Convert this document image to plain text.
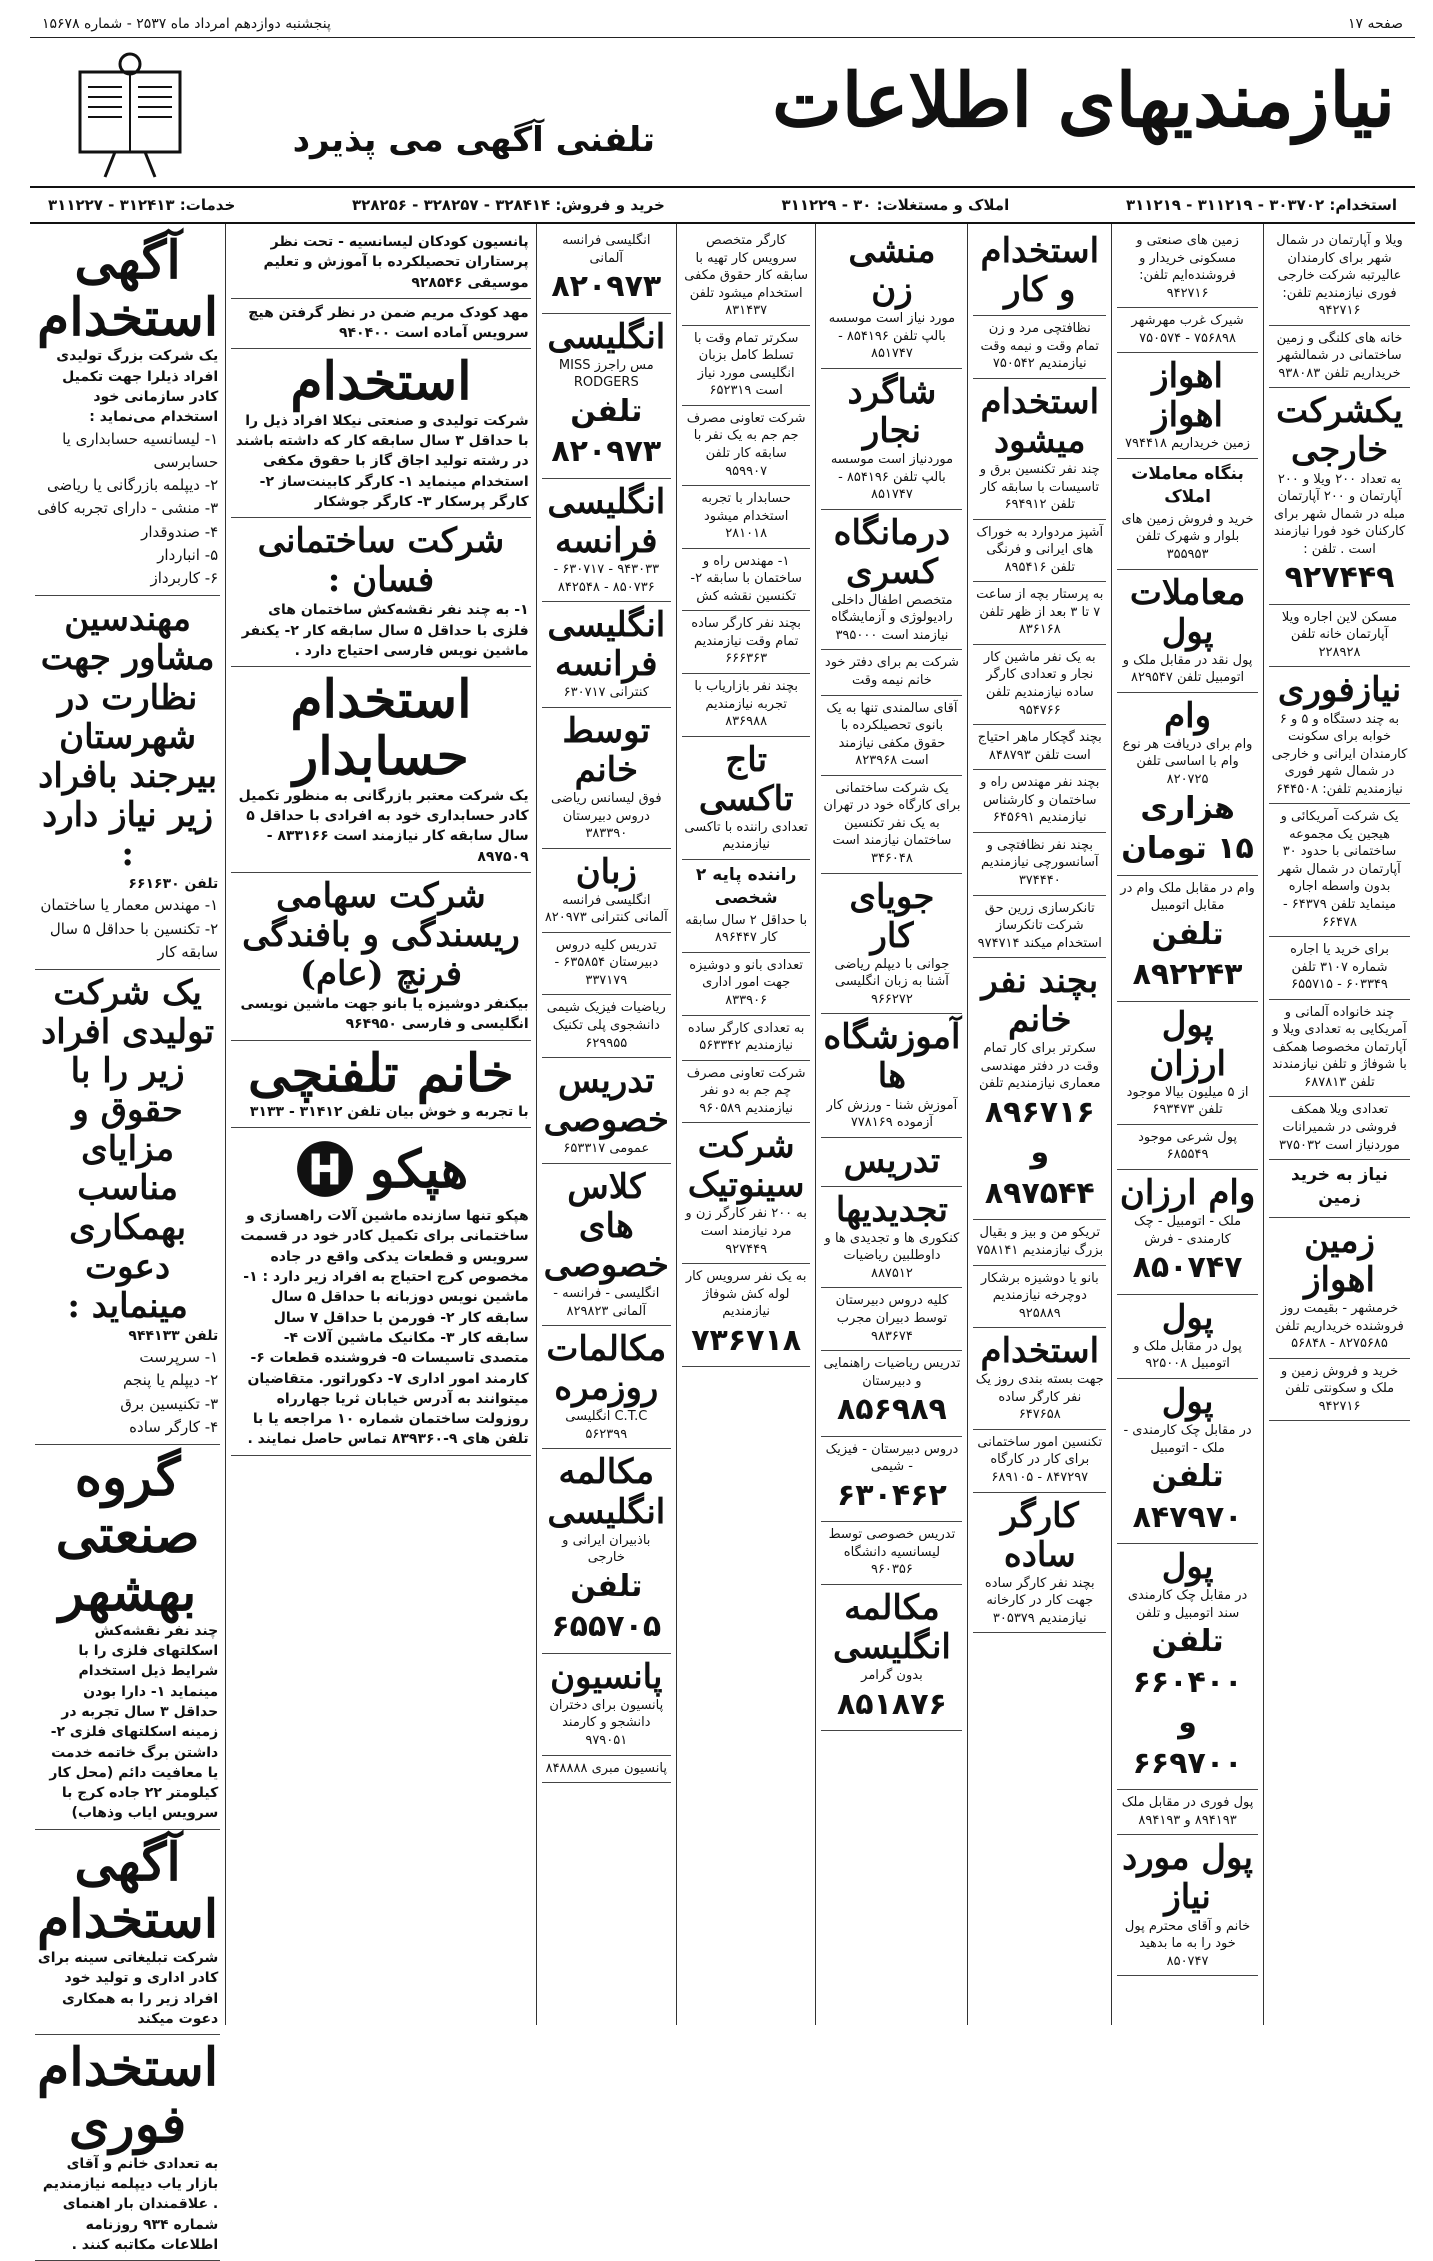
صفحه ۱۷
پنجشنبه دوازدهم امرداد ماه ۲۵۳۷ - شماره ۱۵۶۷۸
نیازمندیهای اطلاعات
تلفنی آگهی می پذیرد
استخدام: ۳۰۳۷۰۲ - ۳۱۱۲۱۹ - ۳۱۱۲۱۹
املاک و مستغلات: ۳۰ - ۳۱۱۲۲۹
خرید و فروش: ۳۲۸۴۱۴ - ۳۲۸۲۵۷ - ۳۲۸۲۵۶
خدمات: ۳۱۲۴۱۳ - ۳۱۱۲۲۷
ویلا و آپارتمان در شمال شهر برای کارمندان عالیرتبه شرکت خارجی فوری نیازمندیم تلفن: ۹۴۲۷۱۶
خانه های کلنگی و زمین ساختمانی در شمالشهر خریداریم تلفن ۹۳۸۰۸۳
یکشرکت خارجی
به تعداد ۲۰۰ ویلا و ۲۰۰ آپارتمان و ۲۰۰ آپارتمان مبله در شمال شهر برای کارکنان خود فورا نیازمند است . تلفن :
۹۲۷۴۴۹
مسکن لاین اجاره ویلا آپارتمان خانه تلفن ۲۲۸۹۲۸
نیازفوری
به چند دستگاه و ۵ و ۶ خوابه برای سکونت کارمندان ایرانی و خارجی در شمال شهر فوری نیازمندیم تلفن: ۶۴۴۵۰۸
یک شرکت آمریکائی و هیجین یک مجموعه ساختمانی با حدود ۳۰ آپارتمان در شمال شهر بدون واسطه اجاره مینماید تلفن ۶۴۳۷۹ - ۶۶۴۷۸
برای خرید یا اجاره شماره ۳۱۰۷ تلفن ۶۰۳۳۴۹ - ۶۵۵۷۱۵
چند خانواده آلمانی و آمریکایی به تعدادی ویلا و آپارتمان مخصوصا همکف با شوفاژ و تلفن نیازمندند تلفن ۶۸۷۸۱۳
تعدادی ویلا همکف فروشی در شمیرانات موردنیاز است ۳۷۵۰۳۲
نیاز به خرید زمین
زمین اهواز
خرمشهر - بقیمت روز فروشنده خریداریم تلفن ۸۲۷۵۶۸۵ - ۵۶۸۴۸
خرید و فروش زمین و ملک و سکونتی تلفن ۹۴۲۷۱۶
زمین های صنعتی و مسکونی خریدار و فروشنده‌ایم تلفن: ۹۴۲۷۱۶
شیرک غرب مهرشهر ۷۵۶۸۹۸ - ۷۵۰۵۷۴
اهواز اهواز
زمین خریداریم ۷۹۴۴۱۸
بنگاه معاملات املاک
خرید و فروش زمین های بلوار و شهرک تلفن ۳۵۵۹۵۳
معاملات پول
پول نقد در مقابل ملک و اتومبیل تلفن ۸۲۹۵۴۷
وام
وام برای دریافت هر نوع وام با اساسی تلفن ۸۲۰۷۲۵
هزاری ۱۵ تومان
وام در مقابل ملک وام در مقابل اتومبیل
تلفن ۸۹۲۲۴۳
پول ارزان
از ۵ میلیون بیالا موجود تلفن ۶۹۳۴۷۳
پول شرعی موجود ۶۸۵۵۴۹
وام ارزان
ملک - اتومبیل - چک کارمندی - فرش
۸۵۰۷۴۷
پول
پول در مقابل ملک و اتومبیل ۹۲۵۰۰۸
پول
در مقابل چک کارمندی - ملک - اتومبیل
تلفن ۸۴۷۹۷۰
پول
در مقابل چک کارمندی سند اتومبیل و تلفن
تلفن ۶۶۰۴۰۰ و ۶۶۹۷۰۰
پول فوری در مقابل ملک ۸۹۴۱۹۳ و ۸۹۴۱۹۳
پول مورد نیاز
خانم و آقای محترم پول خود را به ما بدهید ۸۵۰۷۴۷
استخدام و کار
نظافتچی مرد و زن تمام وقت و نیمه وقت نیازمندیم ۷۵۰۵۴۲
استخدام میشود
چند نفر تکنسین برق و تاسیسات با سابقه کار تلفن ۶۹۴۹۱۲
آشپز مردوارد به خوراک های ایرانی و فرنگی تلفن ۸۹۵۴۱۶
به پرستار بچه از ساعت ۷ تا ۳ بعد از ظهر تلفن ۸۳۶۱۶۸
به یک نفر ماشین کار نجار و تعدادی کارگر ساده نیازمندیم تلفن ۹۵۴۷۶۶
بچند گچکار ماهر احتیاج است تلفن ۸۴۸۷۹۳
بچند نفر مهندس راه و ساختمان و کارشناس نیازمندیم ۶۴۵۶۹۱
بچند نفر نظافتچی و آسانسورچی نیازمندیم ۳۷۴۴۴۰
تانکرسازی زرین حق شرکت تانکرساز استخدام میکند ۹۷۴۷۱۴
بچند نفر خانم
سکرتر برای کار تمام وقت در دفتر مهندسی معماری نیازمندیم تلفن
۸۹۶۷۱۶ و ۸۹۷۵۴۴
تریکو من و بیز و بقیال بزرگ نیازمندیم ۷۵۸۱۴۱
بانو یا دوشیزه برشکار دوچرخه نیازمندیم ۹۲۵۸۸۹
استخدام
جهت بسته بندی روز یک نفر کارگر ساده ۶۴۷۶۵۸
تکنسین امور ساختمانی برای کار در کارگاه ۸۴۷۲۹۷ - ۶۸۹۱۰۵
کارگر ساده
بچند نفر کارگر ساده جهت کار در کارخانه نیازمندیم ۳۰۵۳۷۹
منشی زن
مورد نیاز است موسسه بالپ تلفن ۸۵۴۱۹۶ - ۸۵۱۷۴۷
شاگرد نجار
موردنیاز است موسسه بالپ تلفن ۸۵۴۱۹۶ - ۸۵۱۷۴۷
درمانگاه کسری
متخصص اطفال داخلی رادیولوژی و آزمایشگاه نیازمند است ۳۹۵۰۰۰
شرکت بم برای دفتر خود خانم نیمه وقت
آقای سالمندی تنها به یک بانوی تحصیلکرده با حقوق مکفی نیازمند است ۸۲۳۹۶۸
یک شرکت ساختمانی برای کارگاه خود در تهران به یک نفر تکنسین ساختمان نیازمند است ۳۴۶۰۴۸
جویای کار
جوانی با دیپلم ریاضی آشنا به زبان انگلیسی ۹۶۶۲۷۲
آموزشگاه ها
آموزش شنا - ورزش کار آزموده ۷۷۸۱۶۹
تدریس
تجدیدیها
کنکوری ها و تجدیدی ها و داوطلبین ریاضیات ۸۸۷۵۱۲
کلیه دروس دبیرستان توسط دبیران مجرب ۹۸۳۶۷۴
تدریس ریاضیات راهنمایی و دبیرستان
۸۵۶۹۸۹
دروس دبیرستان - فیزیک - شیمی
۶۳۰۴۶۲
تدریس خصوصی توسط لیسانسیه دانشگاه ۹۶۰۳۵۶
مکالمه انگلیسی
بدون گرامر
۸۵۱۸۷۶
کارگر متخصص سرویس کار تهیه با سابقه کار حقوق مکفی استخدام میشود تلفن ۸۳۱۴۳۷
سکرتر تمام وقت با تسلط کامل بزبان انگلیسی مورد نیاز است ۶۵۲۳۱۹
شرکت تعاونی مصرف جم جم به یک نفر با سابقه کار تلفن ۹۵۹۹۰۷
حسابدار با تجربه استخدام میشود ۲۸۱۰۱۸
۱- مهندس راه و ساختمان با سابقه ۲- تکنسین نقشه کش
بچند نفر کارگر ساده تمام وقت نیازمندیم ۶۶۶۳۶۳
بچند نفر بازاریاب با تجربه نیازمندیم ۸۳۶۹۸۸
تاج تاکسی
تعدادی راننده با تاکسی نیازمندیم
راننده پایه ۲ شخصی
با حداقل ۲ سال سابقه کار ۸۹۶۴۴۷
تعدادی بانو و دوشیزه جهت امور اداری ۸۳۳۹۰۶
به تعدادی کارگر ساده نیازمندیم ۵۶۳۳۴۲
شرکت تعاونی مصرف چم جم به دو نفر نیازمندیم ۹۶۰۵۸۹
شرکت سینوتیک
به ۲۰۰ نفر کارگر زن و مرد نیازمند است ۹۲۷۴۴۹
به یک نفر سرویس کار لوله کش شوفاژ نیازمندیم
۷۳۶۷۱۸
انگلیسی فرانسه آلمانی
۸۲۰۹۷۳
انگلیسی
مس راجرز MISS RODGERS
تلفن ۸۲۰۹۷۳
انگلیسی فرانسه
۹۴۳۰۳۳ - ۶۳۰۷۱۷ - ۸۵۰۷۳۶ - ۸۴۲۵۴۸
انگلیسی فرانسه
کنترانی ۶۳۰۷۱۷
توسط خانم
فوق لیسانس ریاضی دروس دبیرستان ۳۸۳۳۹۰
زبان
انگلیسی فرانسه آلمانی کنترانی ۸۲۰۹۷۳
تدریس کلیه دروس دبیرستان ۶۳۵۸۵۴ - ۳۳۷۱۷۹
ریاضیات فیزیک شیمی دانشجوی پلی تکنیک ۶۲۹۹۵۵
تدریس خصوصی
عمومی ۶۵۳۳۱۷
کلاس های خصوصی
انگلیسی - فرانسه - آلمانی ۸۲۹۸۲۳
مکالمات روزمره
C.T.C انگلیسی ۵۶۲۳۹۹
مکالمه انگلیسی
باذبیران ایرانی و خارجی
تلفن ۶۵۵۷۰۵
پانسیون
پانسیون برای دختران دانشجو و کارمند ۹۷۹۰۵۱
پانسیون مبری ۸۴۸۸۸۸
پانسیون کودکان لیسانسیه - تحت نظر پرستاران تحصیلکرده با آموزش و تعلیم موسیقی ۹۲۸۵۴۶
مهد کودک مریم ضمن در نظر گرفتن هیچ سرویس آماده است ۹۴۰۴۰۰
استخدام
شرکت تولیدی و صنعتی نیکلا افراد ذیل را با حداقل ۳ سال سابقه کار که داشته باشند در رشته تولید اجاق گاز با حقوق مکفی استخدام مینماید ۱- کارگر کابینت‌ساز ۲- کارگر پرسکار ۳- کارگر جوشکار
شرکت ساختمانی فسان :
۱- به چند نفر نقشه‌کش ساختمان های فلزی با حداقل ۵ سال سابقه کار ۲- یکنفر ماشین نویس فارسی احتیاج دارد .
استخدام حسابدار
یک شرکت معتبر بازرگانی به منظور تکمیل کادر حسابداری خود به افرادی با حداقل ۵ سال سابقه کار نیازمند است ۸۳۳۱۶۶ - ۸۹۷۵۰۹
شرکت سهامی ریسندگی و بافندگی فرنچ (عام)
بیکنفر دوشیزه یا بانو جهت ماشین نویسی انگلیسی و فارسی ۹۶۴۹۵۰
خانم تلفنچی
با تجربه و خوش بیان تلفن ۳۱۴۱۲ - ۳۱۳۳
هپکو
هپکو تنها سازنده ماشین آلات راهسازی و ساختمانی برای تکمیل کادر خود در قسمت سرویس و قطعات یدکی واقع در جاده مخصوص کرج احتیاج به افراد زیر دارد : ۱- ماشین نویس دوزبانه با حداقل ۵ سال سابقه کار ۲- فورمن با حداقل ۷ سال سابقه کار ۳- مکانیک ماشین آلات ۴- متصدی تاسیسات ۵- فروشنده قطعات ۶- کارمند امور اداری ۷- دکوراتور. متقاضیان میتوانند به آدرس خیابان ثریا جهارراه روزولت ساختمان شماره ۱۰ مراجعه یا با تلفن های ۹-۸۳۹۳۶۰ تماس حاصل نمایند .
آگهی استخدام
یک شرکت بزرگ تولیدی افراد ذیلرا جهت تکمیل کادر سازمانی خود استخدام می‌نماید :
۱- لیسانسیه حسابداری یا حسابرسی
۲- دیپلمه بازرگانی یا ریاضی
۳- منشی - دارای تجربه کافی
۴- صندوقدار
۵- انباردار
۶- کاربرداز
مهندسین مشاور جهت نظارت در شهرستان بیرجند بافراد زیر نیاز دارد :
تلفن ۶۶۱۶۳۰
۱- مهندس معمار یا ساختمان
۲- تکنسین با حداقل ۵ سال سابقه کار
یک شرکت تولیدی افراد زیر را با حقوق و مزایای مناسب بهمکاری دعوت مینماید :
تلفن ۹۴۴۱۳۳
۱- سرپرست
۲- دیپلم یا پنجم
۳- تکنیسین برق
۴- کارگر ساده
گروه صنعتی بهشهر
چند نفر نقشه‌کش اسکلتهای فلزی را با شرایط ذیل استخدام مینماید ۱- دارا بودن حداقل ۳ سال تجربه در زمینه اسکلتهای فلزی ۲- داشتن برگ خاتمه خدمت یا معافیت دائم (محل کار کیلومتر ۲۲ جاده کرج با سرویس ایاب وذهاب)
آگهی استخدام
شرکت تبلیغاتی سینه برای کادر اداری و تولید خود افراد زیر را به همکاری دعوت میکند
استخدام فوری
به تعدادی خانم و آقای بازار یاب دیپلمه نیازمندیم . علاقمندان بار اهنمای شماره ۹۳۴ روزنامه اطلاعات مکاتبه کنند .
